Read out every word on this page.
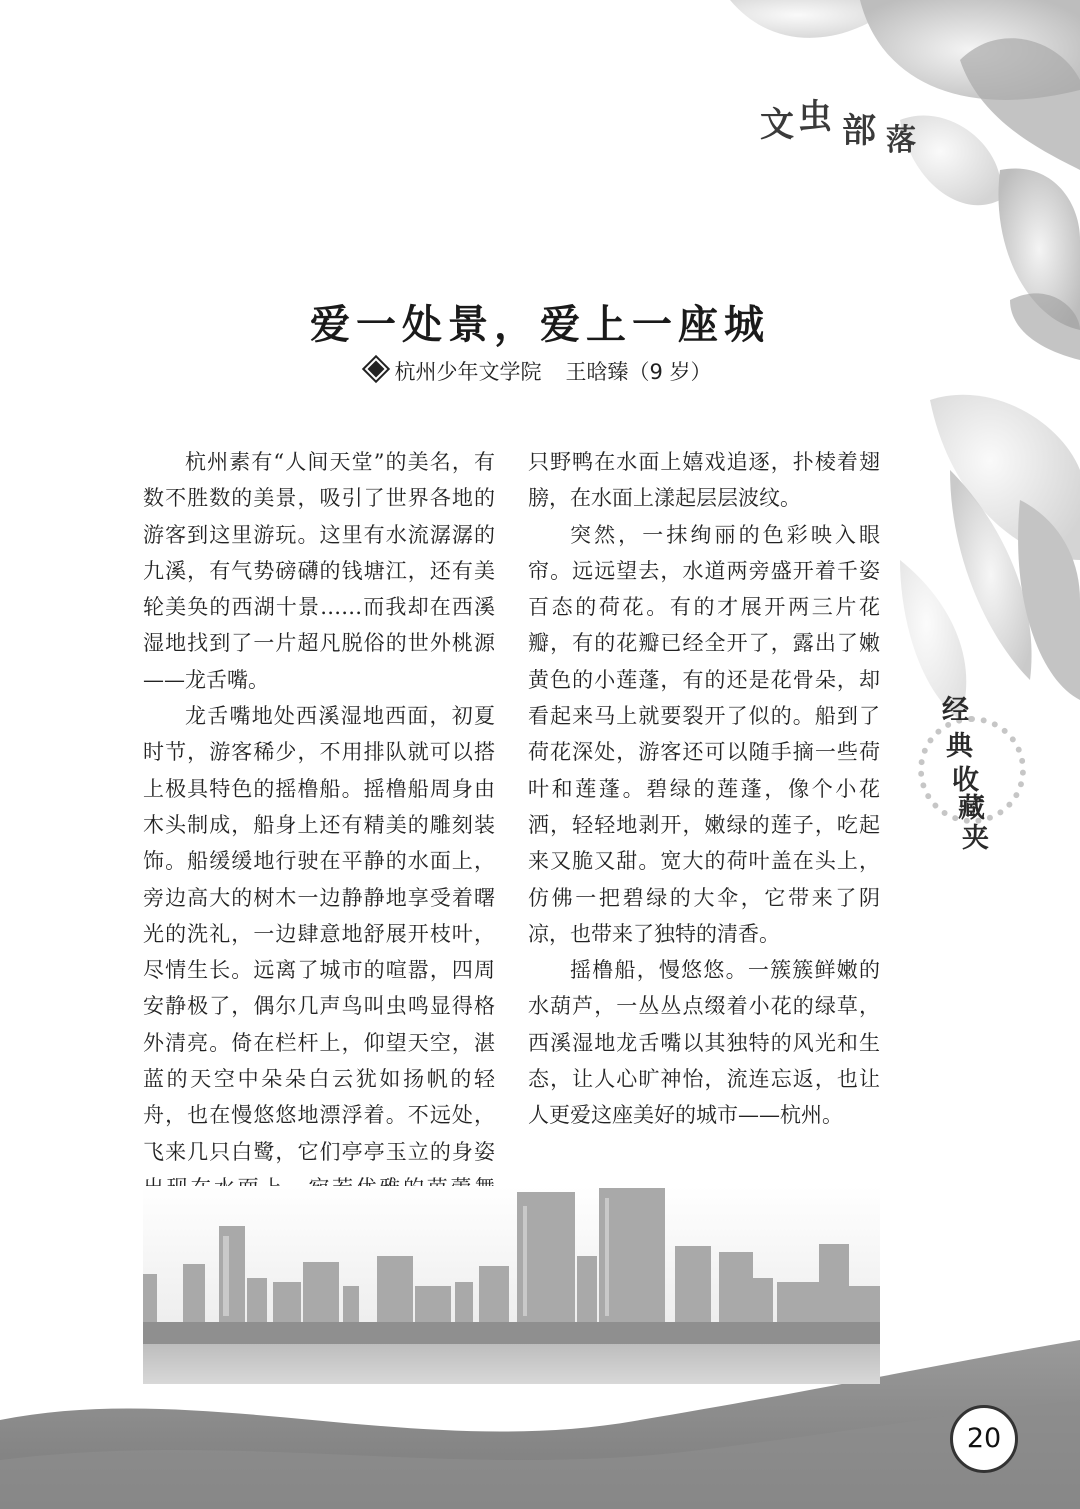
文 虫 部 落
爱一处景，爱上一座城
杭州少年文学院 王晗臻（9 岁）

杭州素有“人间天堂”的美名，有数不胜数的美景，吸引了世界各地的游客到这里游玩。这里有水流潺潺的九溪，有气势磅礴的钱塘江，还有美轮美奂的西湖十景……而我却在西溪湿地找到了一片超凡脱俗的世外桃源——龙舌嘴。

龙舌嘴地处西溪湿地西面，初夏时节，游客稀少，不用排队就可以搭上极具特色的摇橹船。摇橹船周身由木头制成，船身上还有精美的雕刻装饰。船缓缓地行驶在平静的水面上，旁边高大的树木一边静静地享受着曙光的洗礼，一边肆意地舒展开枝叶，尽情生长。远离了城市的喧嚣，四周安静极了，偶尔几声鸟叫虫鸣显得格外清亮。倚在栏杆上，仰望天空，湛蓝的天空中朵朵白云犹如扬帆的轻舟，也在慢悠悠地漂浮着。不远处，飞来几只白鹭，它们亭亭玉立的身姿

只野鸭在水面上嬉戏追逐，扑棱着翅膀，在水面上漾起层层波纹。

突然，一抹绚丽的色彩映入眼帘。远远望去，水道两旁盛开着千姿百态的荷花。有的才展开两三片花瓣，有的花瓣已经全开了，露出了嫩黄色的小莲蓬，有的还是花骨朵，却看起来马上就要裂开了似的。船到了荷花深处，游客还可以随手摘一些荷叶和莲蓬。碧绿的莲蓬，像个小花洒，轻轻地剥开，嫩绿的莲子，吃起来又脆又甜。宽大的荷叶盖在头上，仿佛一把碧绿的大伞，它带来了阴凉，也带来了独特的清香。

摇橹船，慢悠悠。一簇簇鲜嫩的水葫芦，一丛丛点缀着小花的绿草，西溪湿地龙舌嘴以其独特的风光和生态，让人心旷神怡，流连忘返，也让人更爱这座美好的城市——杭州。

经
典
收
藏
夹
20
